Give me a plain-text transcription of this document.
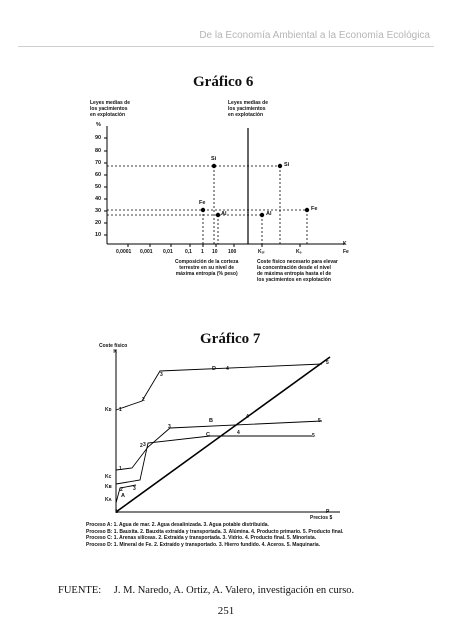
De la Economía Ambiental a la Economía Ecológica
Gráfico 6
Leyes medias de
los yacimientos
en explotación
Leyes medias de
los yacimientos
en explotación
%
90
80
70
60
50
40
30
20
10
Si
Si
Fe
Al	Al
Fe
0,0001 0,001 0,01 0,1 1 10 100	Kₐₗ	Kₑ
K
Fe
Composición de la corteza
terrestre en su nivel de
máxima entropía (% peso)
Coste físico necesario para elevar
la concentración desde el nivel
de máxima entropía hasta el de
los yacimientos en explotación
Gráfico 7
Coste físico
K
Kᴅ
Kᴄ
Kʙ
Kᴀ
D
B
C
A
1
2
3
4
5
1
2
3
4
5
3
4	5
2 3
1	P
Precios $
Proceso A: 1. Agua de mar. 2. Agua desalinizada. 3. Agua potable distribuida.
Proceso B: 1. Bauxita. 2. Bauxita extraída y transportada. 3. Alúmina. 4. Producto primario. 5. Producto final.
Proceso C: 1. Arenas silíceas. 2. Extraída y transportada. 3. Vidrio. 4. Producto final. 5. Minorista.
Proceso D: 1. Mineral de Fe. 2. Extraído y transportado. 3. Hierro fundido. 4. Aceros. 5. Maquinaria.
FUENTE: J. M. Naredo, A. Ortiz, A. Valero, investigación en curso.
251
